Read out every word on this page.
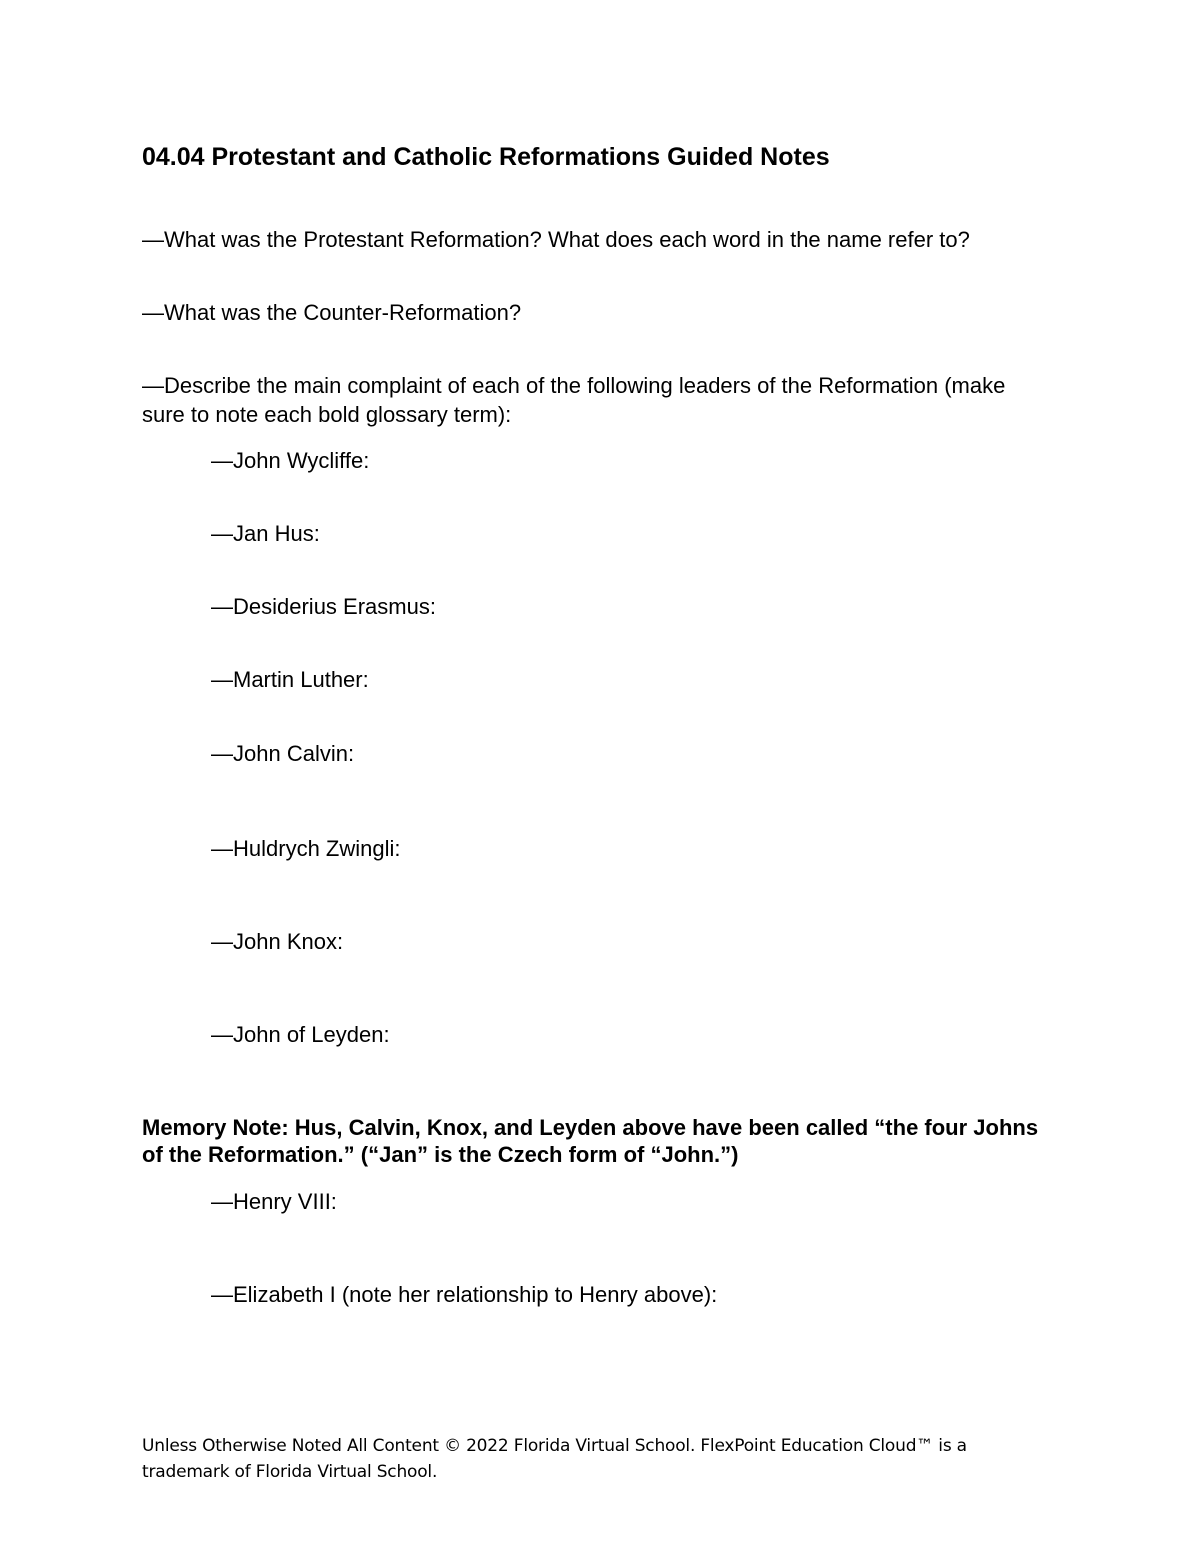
04.04 Protestant and Catholic Reformations Guided Notes

—What was the Protestant Reformation? What does each word in the name refer to?

—What was the Counter-Reformation?

—Describe the main complaint of each of the following leaders of the Reformation (make sure to note each bold glossary term):

—John Wycliffe:

—Jan Hus:

—Desiderius Erasmus:

—Martin Luther:

—John Calvin:

—Huldrych Zwingli:

—John Knox:

—John of Leyden:

Memory Note: Hus, Calvin, Knox, and Leyden above have been called “the four Johns of the Reformation.” (“Jan” is the Czech form of “John.”)

—Henry VIII:

—Elizabeth I (note her relationship to Henry above):

Unless Otherwise Noted All Content © 2022 Florida Virtual School. FlexPoint Education Cloud™ is a trademark of Florida Virtual School.
